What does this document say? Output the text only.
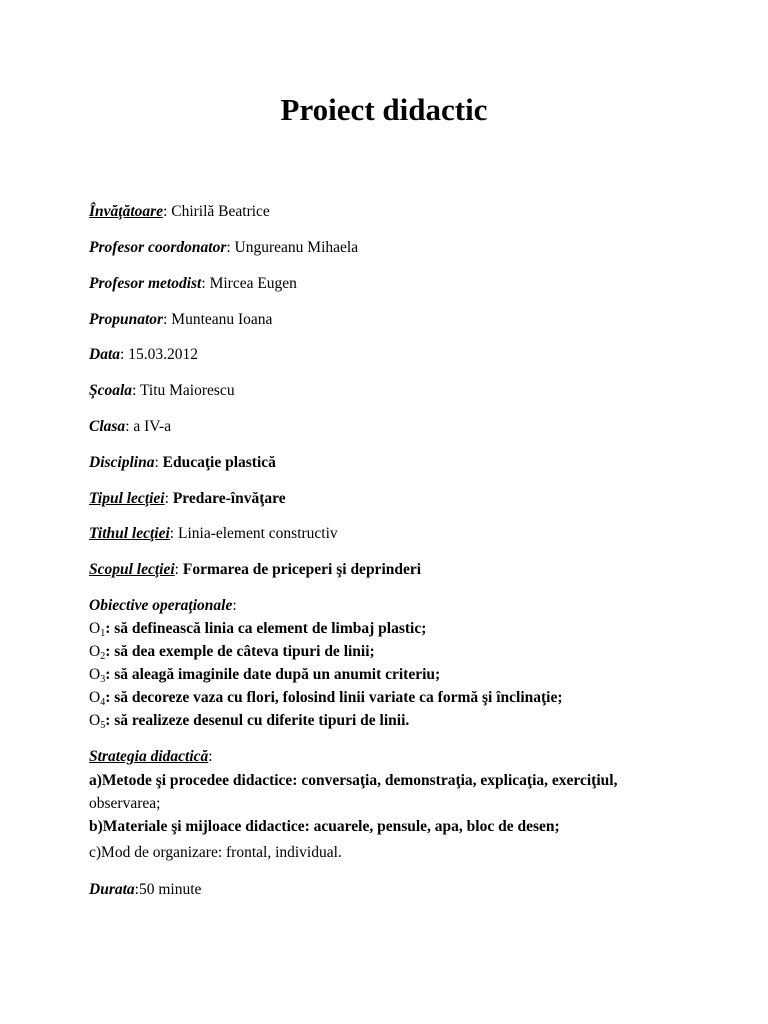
Proiect didactic

Învăţătoare: Chirilă Beatrice

Profesor coordonator: Ungureanu Mihaela

Profesor metodist: Mircea Eugen

Propunator: Munteanu Ioana

Data: 15.03.2012

Şcoala: Titu Maiorescu

Clasa: a IV-a

Disciplina: Educaţie plastică

Tipul lecţiei: Predare-învăţare

Tithul lecţiei: Linia-element constructiv

Scopul lecţiei: Formarea de priceperi şi deprinderi

Obiective operaţionale:

$O_1$: să definească linia ca element de limbaj plastic;

$O_2$: să dea exemple de câteva tipuri de linii;

$O_3$: să aleagă imaginile date după un anumit criteriu;

$O_4$: să decoreze vaza cu flori, folosind linii variate ca formă şi înclinaţie;

$O_5$: să realizeze desenul cu diferite tipuri de linii.

Strategia didactică:

a)Metode şi procedee didactice: conversaţia, demonstraţia, explicaţia, exerciţiul,

observarea;

b)Materiale şi mijloace didactice: acuarele, pensule, apa, bloc de desen;

c)Mod de organizare: frontal, individual.

Durata:50 minute
